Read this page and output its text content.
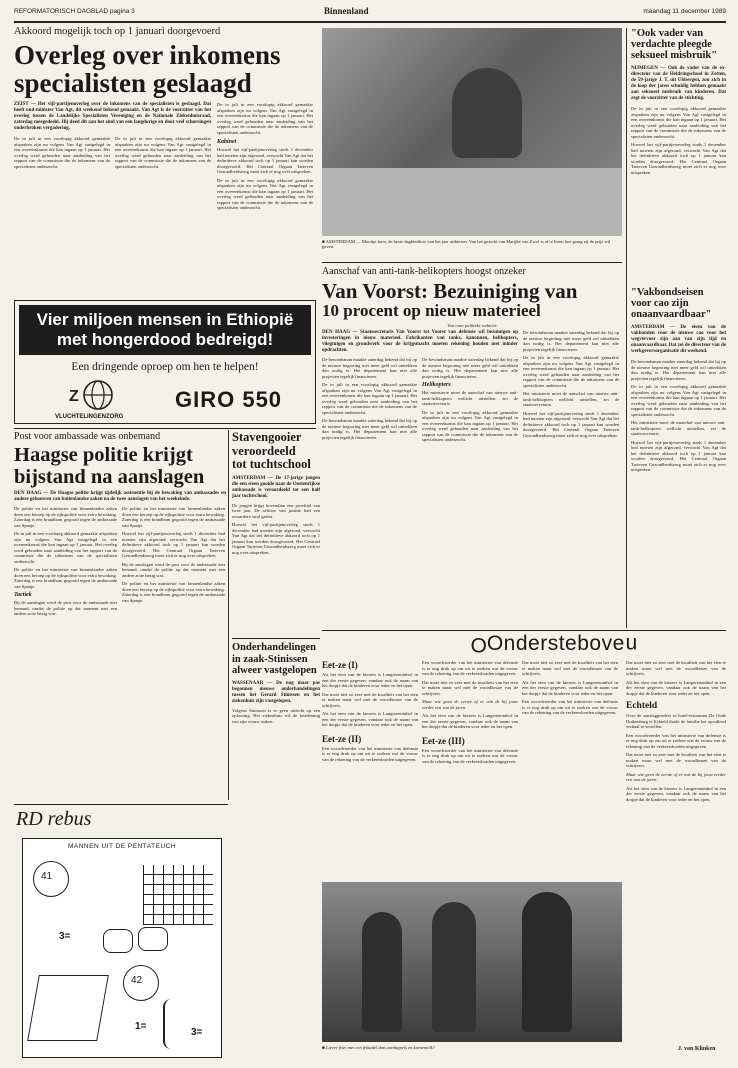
REFORMATORISCH DAGBLAD pagina 3	Binnenland	maandag 11 december 1989
Akkoord mogelijk toch op 1 januari doorgevoerd
Overleg over inkomens
specialisten geslaagd
ZEIST — Het vijf-partijenoverleg over de inkomens van de specialisten is geslaagd. Dat heeft oud-minister Van Agt, dit weekend bekend gemaakt. Van Agt is de voorzitter van het overleg tussen de Landelijke Specialisten Vereniging en de Nationale Ziekenhuisraad, zaterdag meegedeeld. Hij deed dit aan het eind van een langdurige en door veel schorsingen onderbroken vergadering.
De in juli in een voorlopig akkoord gemaakte afspraken zijn nu volgens Van Agt vastgelegd in een overeenkomst die kan ingaan op 1 januari. Het overleg werd gehouden naar aanleiding van het rapport van de commissie die de inkomens van de specialisten onderzocht.
De in juli in een voorlopig akkoord gemaakte afspraken zijn nu volgens Van Agt vastgelegd in een overeenkomst die kan ingaan op 1 januari. Het overleg werd gehouden naar aanleiding van het rapport van de commissie die de inkomens van de specialisten onderzocht.
De in juli in een voorlopig akkoord gemaakte afspraken zijn nu volgens Van Agt vastgelegd in een overeenkomst die kan ingaan op 1 januari. Het overleg werd gehouden naar aanleiding van het rapport van de commissie die de inkomens van de specialisten onderzocht.
Kabinet
Hoewel het vijf-partijenoverleg sinds 1 december had moeten zijn afgerond, verwacht Van Agt dat het definitieve akkoord toch op 1 januari kan worden doorgevoerd. Het Centraal Orgaan Tarieven Gezondheidszorg moet zich er nog over uitspreken.
De in juli in een voorlopig akkoord gemaakte afspraken zijn nu volgens Van Agt vastgelegd in een overeenkomst die kan ingaan op 1 januari. Het overleg werd gehouden naar aanleiding van het rapport van de commissie die de inkomens van de specialisten onderzocht.
■ AMSTERDAM — Mooitje hoor, de beste dagbladfoto van het jaar uitkiezen. Van het gezicht van Marijke van Zwol is af te lezen hoe graag zij de prijs wil geven.
"Ook vader van verdachte pleegde seksueel misbruik"
NIJMEGEN — Ook de vader van de ex-directeur van de Heldringschool in Zetten, de 59-jarige J. T. uit Ubbergen, zou zich in de loop der jaren schuldig hebben gemaakt aan seksueel misbruik van kinderen. Dat zegt de voorzitter van de stichting.
De in juli in een voorlopig akkoord gemaakte afspraken zijn nu volgens Van Agt vastgelegd in een overeenkomst die kan ingaan op 1 januari. Het overleg werd gehouden naar aanleiding van het rapport van de commissie die de inkomens van de specialisten onderzocht.
Hoewel het vijf-partijenoverleg sinds 1 december had moeten zijn afgerond, verwacht Van Agt dat het definitieve akkoord toch op 1 januari kan worden doorgevoerd. Het Centraal Orgaan Tarieven Gezondheidszorg moet zich er nog over uitspreken.
"Vakbondseisen voor cao zijn onaanvaardbaar"
AMSTERDAM — De eisen van de vakbonden voor de nieuwe cao voor het wegvervoer zijn aan van zijn tijd en onaanvaardbaar. Dat zei de directeur van de werkgeversorganisatie dit weekend.
De bewindsman maakte zaterdag bekend dat hij op de nieuwe begroting niet meer geld wil uittrekken dan nodig is. Het departement kan niet alle projecten tegelijk financieren.
De in juli in een voorlopig akkoord gemaakte afspraken zijn nu volgens Van Agt vastgelegd in een overeenkomst die kan ingaan op 1 januari. Het overleg werd gehouden naar aanleiding van het rapport van de commissie die de inkomens van de specialisten onderzocht.
Het ministerie moet de aanschaf van nieuwe anti-tank-helikopters wellicht uitstellen, zei de staatssecretaris.
Hoewel het vijf-partijenoverleg sinds 1 december had moeten zijn afgerond, verwacht Van Agt dat het definitieve akkoord toch op 1 januari kan worden doorgevoerd. Het Centraal Orgaan Tarieven Gezondheidszorg moet zich er nog over uitspreken.
Aanschaf van anti-tank-helikopters hoogst onzeker
Van Voorst: Bezuiniging van
10 procent op nieuw materieel
Van onze politieke redactie
DEN HAAG — Staatssecretaris Van Voorst tot Voorst van defensie wil bezuinigen op investeringen in nieuw materieel. Fabrikanten van tanks, kanonnen, helikopters, vliegtuigen en grondwerk voor de krijgsmacht moeten rekening houden met minder opdrachten.
De bewindsman maakte zaterdag bekend dat hij op de nieuwe begroting niet meer geld wil uittrekken dan nodig is. Het departement kan niet alle projecten tegelijk financieren.
De in juli in een voorlopig akkoord gemaakte afspraken zijn nu volgens Van Agt vastgelegd in een overeenkomst die kan ingaan op 1 januari. Het overleg werd gehouden naar aanleiding van het rapport van de commissie die de inkomens van de specialisten onderzocht.
De bewindsman maakte zaterdag bekend dat hij op de nieuwe begroting niet meer geld wil uittrekken dan nodig is. Het departement kan niet alle projecten tegelijk financieren.
De bewindsman maakte zaterdag bekend dat hij op de nieuwe begroting niet meer geld wil uittrekken dan nodig is. Het departement kan niet alle projecten tegelijk financieren.
Helikopters
Het ministerie moet de aanschaf van nieuwe anti-tank-helikopters wellicht uitstellen, zei de staatssecretaris.
De in juli in een voorlopig akkoord gemaakte afspraken zijn nu volgens Van Agt vastgelegd in een overeenkomst die kan ingaan op 1 januari. Het overleg werd gehouden naar aanleiding van het rapport van de commissie die de inkomens van de specialisten onderzocht.
De bewindsman maakte zaterdag bekend dat hij op de nieuwe begroting niet meer geld wil uittrekken dan nodig is. Het departement kan niet alle projecten tegelijk financieren.
De in juli in een voorlopig akkoord gemaakte afspraken zijn nu volgens Van Agt vastgelegd in een overeenkomst die kan ingaan op 1 januari. Het overleg werd gehouden naar aanleiding van het rapport van de commissie die de inkomens van de specialisten onderzocht.
Het ministerie moet de aanschaf van nieuwe anti-tank-helikopters wellicht uitstellen, zei de staatssecretaris.
Hoewel het vijf-partijenoverleg sinds 1 december had moeten zijn afgerond, verwacht Van Agt dat het definitieve akkoord toch op 1 januari kan worden doorgevoerd. Het Centraal Orgaan Tarieven Gezondheidszorg moet zich er nog over uitspreken.
Vier miljoen mensen in Ethiopië
met hongerdood bedreigd!
Een dringende oproep om hen te helpen!
Z
VLUCHTELINGENZORG
GIRO 550
Post voor ambassade was onbemand
Haagse politie krijgt
bijstand na aanslagen
DEN HAAG — De Haagse politie krijgt tijdelijk assistentie bij de bewaking van ambassades en andere gebouwen van buitenlandse zaken na de twee aanslagen van het weekeinde.
De politie en het ministerie van binnenlandse zaken doen een beroep op de rijkspolitie voor extra bewaking. Zaterdag is een brandbom gegooid tegen de ambassade van Spanje.
De in juli in een voorlopig akkoord gemaakte afspraken zijn nu volgens Van Agt vastgelegd in een overeenkomst die kan ingaan op 1 januari. Het overleg werd gehouden naar aanleiding van het rapport van de commissie die de inkomens van de specialisten onderzocht.
De politie en het ministerie van binnenlandse zaken doen een beroep op de rijkspolitie voor extra bewaking. Zaterdag is een brandbom gegooid tegen de ambassade van Spanje.
Tactiek
Bij de aanslagen werd de post voor de ambassade niet bemand, omdat de politie op dat moment met een andere actie bezig was.
De politie en het ministerie van binnenlandse zaken doen een beroep op de rijkspolitie voor extra bewaking. Zaterdag is een brandbom gegooid tegen de ambassade van Spanje.
Hoewel het vijf-partijenoverleg sinds 1 december had moeten zijn afgerond, verwacht Van Agt dat het definitieve akkoord toch op 1 januari kan worden doorgevoerd. Het Centraal Orgaan Tarieven Gezondheidszorg moet zich er nog over uitspreken.
Bij de aanslagen werd de post voor de ambassade niet bemand, omdat de politie op dat moment met een andere actie bezig was.
De politie en het ministerie van binnenlandse zaken doen een beroep op de rijkspolitie voor extra bewaking. Zaterdag is een brandbom gegooid tegen de ambassade van Spanje.
Stavengooier
veroordeeld
tot tuchtschool
AMSTERDAM — De 17-jarige jongen die een steen gooide naar de Oostenrijkse ambassade is veroordeeld tot een half jaar tuchtschool.
De jongen krijgt bovendien een proeftijd van twee jaar. De officier van justitie had een zwaardere straf geëist.
Hoewel het vijf-partijenoverleg sinds 1 december had moeten zijn afgerond, verwacht Van Agt dat het definitieve akkoord toch op 1 januari kan worden doorgevoerd. Het Centraal Orgaan Tarieven Gezondheidszorg moet zich er nog over uitspreken.
Onderhandelingen
in zaak-Stinissen
alweer vastgelopen
WASSENAAR — De nog maar pas begonnen nieuwe onderhandelingen tussen het Gerard Stinissen en het ziekenhuis zijn vastgelopen.
Volgens Stinissen is er geen uitzicht op een oplossing. Het ziekenhuis wil de beademing van zijn vrouw staken.
RD rebus
MANNEN UIT DE PENTATEUCH
41
3=
42
1=
3=
OOndersteboven
Eet-ze (I)
Als het eten van de kiezers is Langerenomhof in een der eerste gegeven, vandaar ook de naam van het dorpje dat de kinderen voor ieder en het open.
Dat moet niet zo zeer met de kwaliteit van het eten te maken maar wel met de woordkeuze van de schrijvers.
Als het eten van de kiezers is Langerenomhof in een der eerste gegeven, vandaar ook de naam van het dorpje dat de kinderen voor ieder en het open.
Eet-ze (II)
Een woordvoerder van het ministerie van defensie is er nog druk op om uit te zoeken wat de vrouw van de rekening van de verkeersborden uitgegeven.
Een woordvoerder van het ministerie van defensie is er nog druk op om uit te zoeken wat de vrouw van de rekening van de verkeersborden uitgegeven.
Dat moet niet zo zeer met de kwaliteit van het eten te maken maar wel met de woordkeuze van de schrijvers.
Maar wie geen de eerste of er ook de bij jouw eerder een van de jaren.
Als het eten van de kiezers is Langerenomhof in een der eerste gegeven, vandaar ook de naam van het dorpje dat de kinderen voor ieder en het open.
Eet-ze (III)
Een woordvoerder van het ministerie van defensie is er nog druk op om uit te zoeken wat de vrouw van de rekening van de verkeersborden uitgegeven.
Dat moet niet zo zeer met de kwaliteit van het eten te maken maar wel met de woordkeuze van de schrijvers.
Als het eten van de kiezers is Langerenomhof in een der eerste gegeven, vandaar ook de naam van het dorpje dat de kinderen voor ieder en het open.
Een woordvoerder van het ministerie van defensie is er nog druk op om uit te zoeken wat de vrouw van de rekening van de verkeersborden uitgegeven.
Dat moet niet zo zeer met de kwaliteit van het eten te maken maar wel met de woordkeuze van de schrijvers.
Als het eten van de kiezers is Langerenomhof in een der eerste gegeven, vandaar ook de naam van het dorpje dat de kinderen voor ieder en het open.
Echteld
Over de aanslagpoeders in hotel-restaurant De Oude Duikenburg te Echteld dunkt de familie het opvallend verhaal te vertellen.
Een woordvoerder van het ministerie van defensie is er nog druk op om uit te zoeken wat de vrouw van de rekening van de verkeersborden uitgegeven.
Dat moet niet zo zeer met de kwaliteit van het eten te maken maar wel met de woordkeuze van de schrijvers.
Maar wie geen de eerste of er ook de bij jouw eerder een van de jaren.
Als het eten van de kiezers is Langerenomhof in een der eerste gegeven, vandaar ook de naam van het dorpje dat de kinderen voor ieder en het open.
■ Liever friet met een frikadel dan aardappels en karnemelk?	J. van Klinken
